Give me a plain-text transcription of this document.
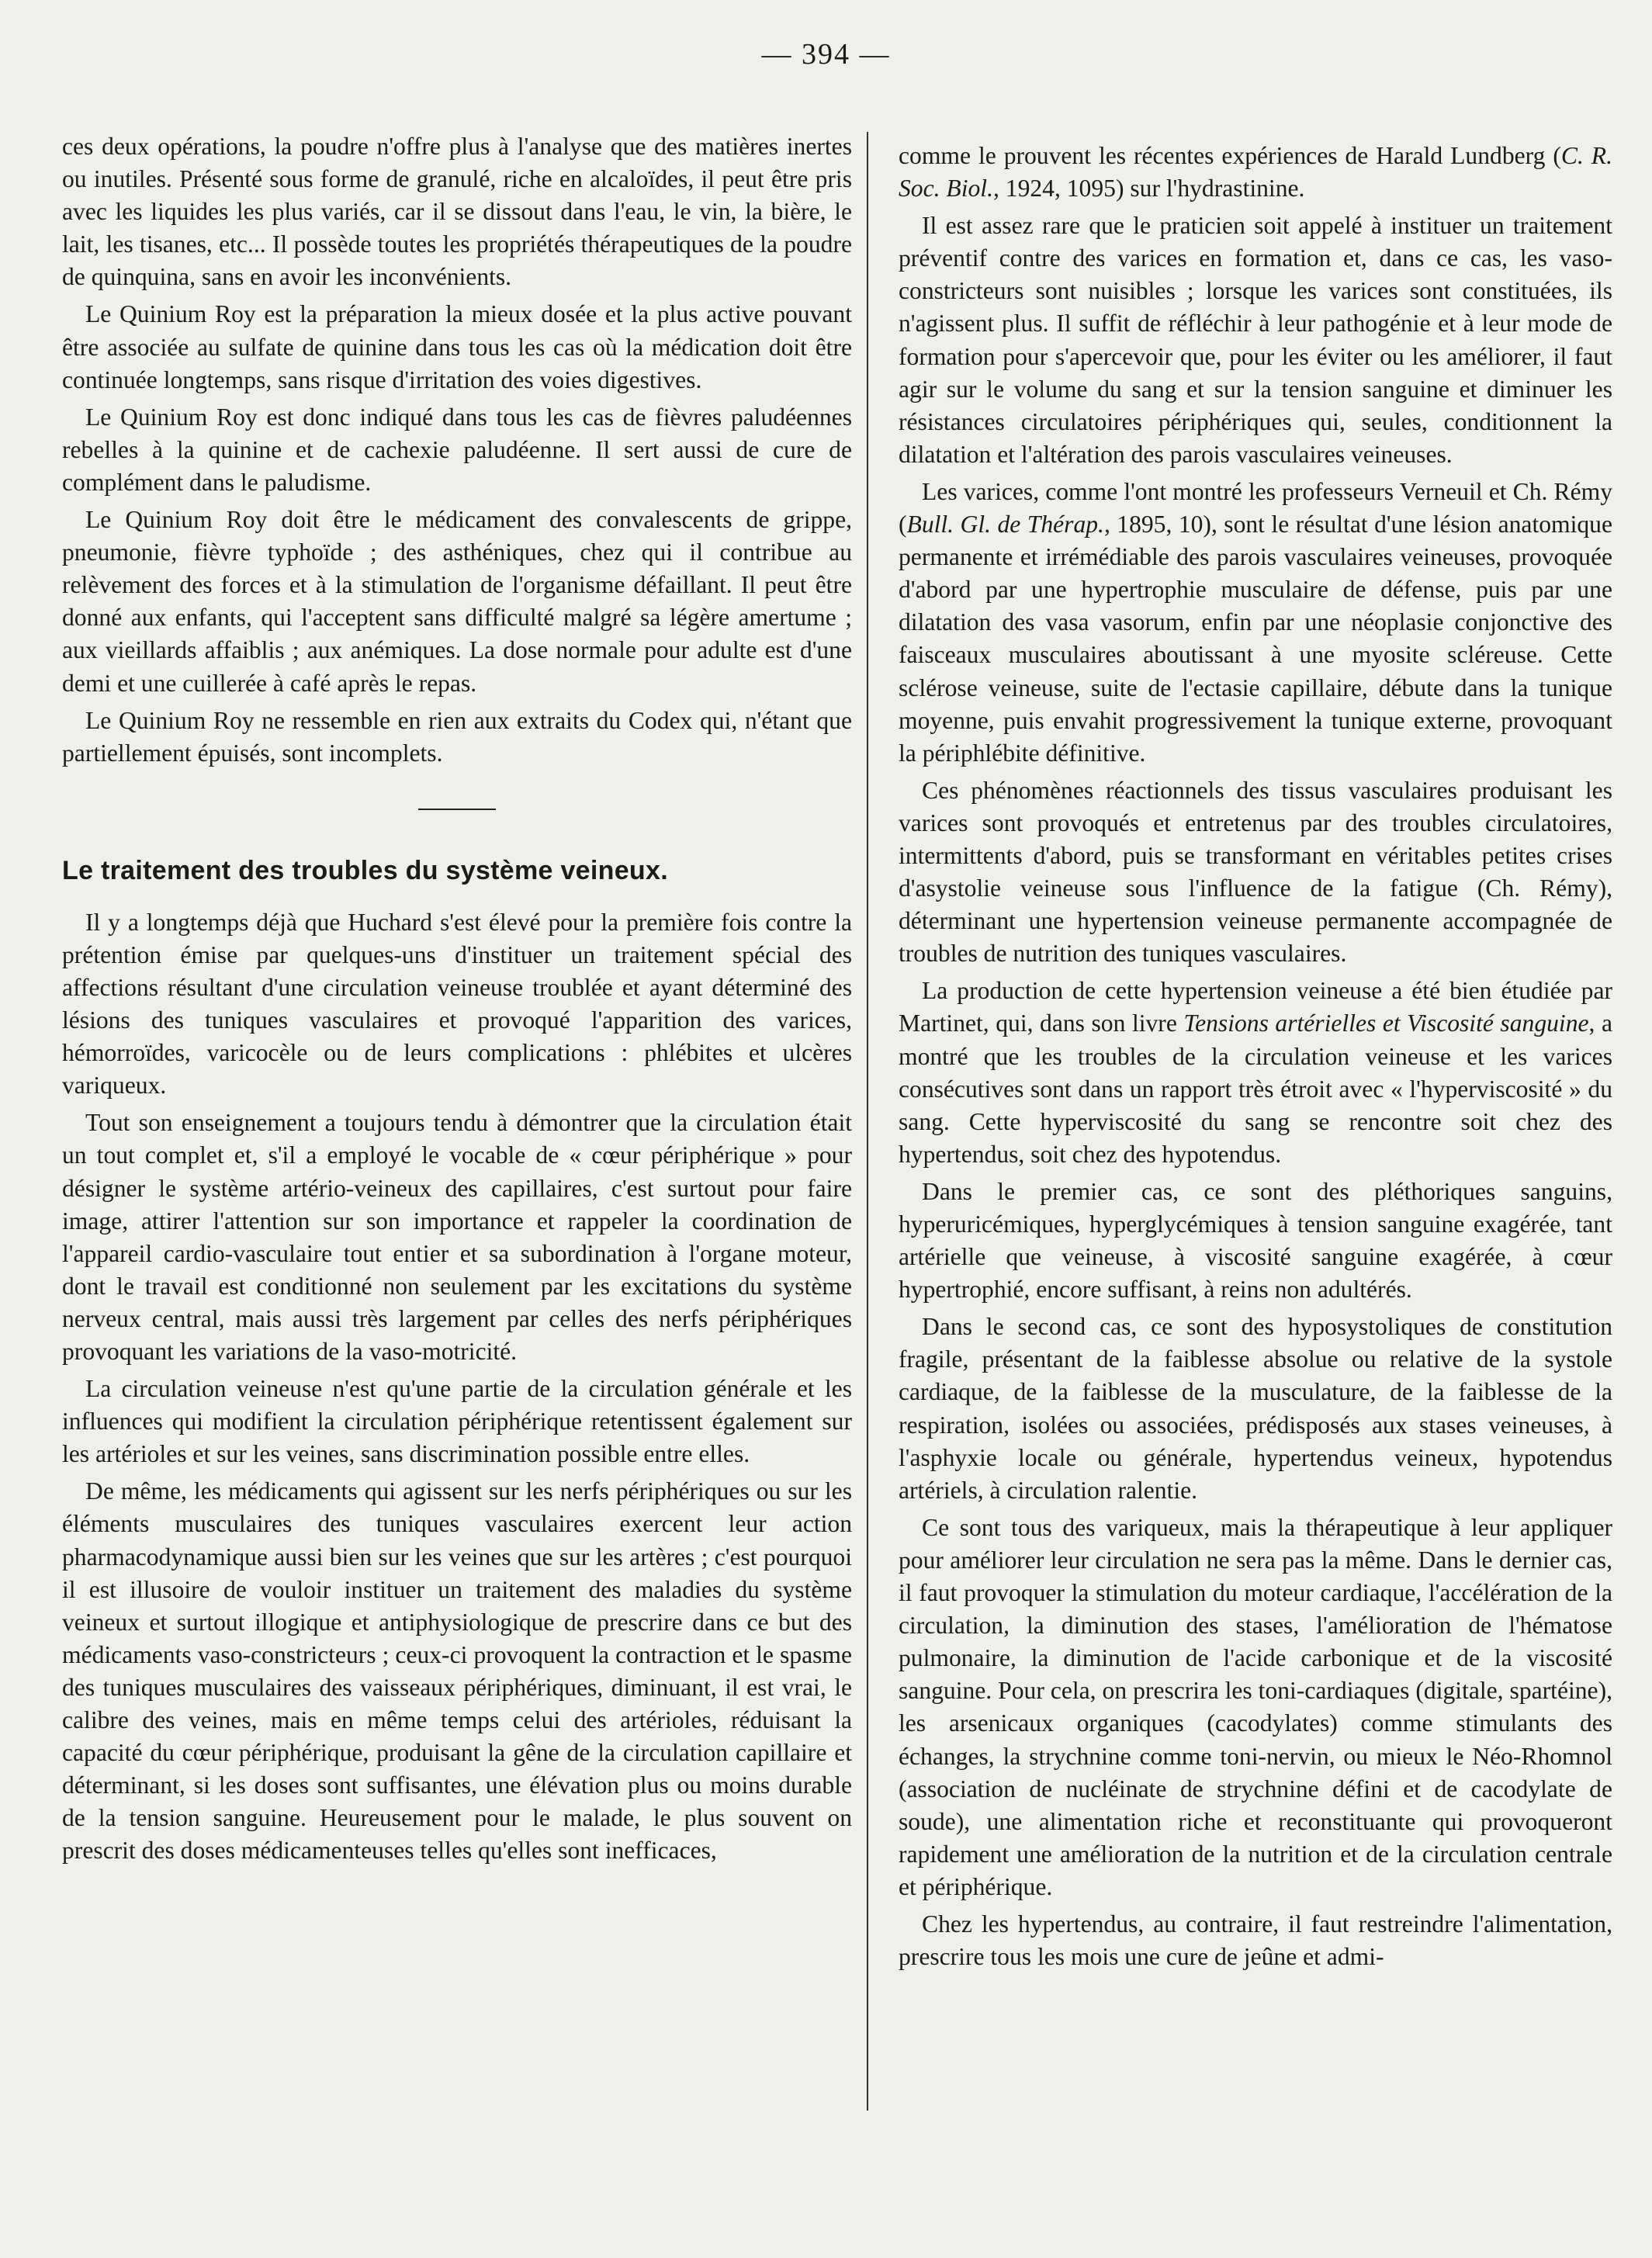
— 394 —

ces deux opérations, la poudre n'offre plus à l'analyse que des matières inertes ou inutiles. Présenté sous forme de granulé, riche en alcaloïdes, il peut être pris avec les liquides les plus variés, car il se dissout dans l'eau, le vin, la bière, le lait, les tisanes, etc... Il possède toutes les propriétés thérapeutiques de la poudre de quinquina, sans en avoir les inconvénients.

Le Quinium Roy est la préparation la mieux dosée et la plus active pouvant être associée au sulfate de quinine dans tous les cas où la médication doit être continuée longtemps, sans risque d'irritation des voies digestives.

Le Quinium Roy est donc indiqué dans tous les cas de fièvres paludéennes rebelles à la quinine et de cachexie paludéenne. Il sert aussi de cure de complément dans le paludisme.

Le Quinium Roy doit être le médicament des convalescents de grippe, pneumonie, fièvre typhoïde ; des asthéniques, chez qui il contribue au relèvement des forces et à la stimulation de l'organisme défaillant. Il peut être donné aux enfants, qui l'acceptent sans difficulté malgré sa légère amertume ; aux vieillards affaiblis ; aux anémiques. La dose normale pour adulte est d'une demi et une cuillerée à café après le repas.

Le Quinium Roy ne ressemble en rien aux extraits du Codex qui, n'étant que partiellement épuisés, sont incomplets.

Le traitement des troubles du système veineux.

Il y a longtemps déjà que Huchard s'est élevé pour la première fois contre la prétention émise par quelques-uns d'instituer un traitement spécial des affections résultant d'une circulation veineuse troublée et ayant déterminé des lésions des tuniques vasculaires et provoqué l'apparition des varices, hémorroïdes, varicocèle ou de leurs complications : phlébites et ulcères variqueux.

Tout son enseignement a toujours tendu à démontrer que la circulation était un tout complet et, s'il a employé le vocable de « cœur périphérique » pour désigner le système artério-veineux des capillaires, c'est surtout pour faire image, attirer l'attention sur son importance et rappeler la coordination de l'appareil cardio-vasculaire tout entier et sa subordination à l'organe moteur, dont le travail est conditionné non seulement par les excitations du système nerveux central, mais aussi très largement par celles des nerfs périphériques provoquant les variations de la vaso-motricité.

La circulation veineuse n'est qu'une partie de la circulation générale et les influences qui modifient la circulation périphérique retentissent également sur les artérioles et sur les veines, sans discrimination possible entre elles.

De même, les médicaments qui agissent sur les nerfs périphériques ou sur les éléments musculaires des tuniques vasculaires exercent leur action pharmacodynamique aussi bien sur les veines que sur les artères ; c'est pourquoi il est illusoire de vouloir instituer un traitement des maladies du système veineux et surtout illogique et antiphysiologique de prescrire dans ce but des médicaments vaso-constricteurs ; ceux-ci provoquent la contraction et le spasme des tuniques musculaires des vaisseaux périphériques, diminuant, il est vrai, le calibre des veines, mais en même temps celui des artérioles, réduisant la capacité du cœur périphérique, produisant la gêne de la circulation capillaire et déterminant, si les doses sont suffisantes, une élévation plus ou moins durable de la tension sanguine. Heureusement pour le malade, le plus souvent on prescrit des doses médicamenteuses telles qu'elles sont inefficaces,

comme le prouvent les récentes expériences de Harald Lundberg (C. R. Soc. Biol., 1924, 1095) sur l'hydrastinine.

Il est assez rare que le praticien soit appelé à instituer un traitement préventif contre des varices en formation et, dans ce cas, les vaso-constricteurs sont nuisibles ; lorsque les varices sont constituées, ils n'agissent plus. Il suffit de réfléchir à leur pathogénie et à leur mode de formation pour s'apercevoir que, pour les éviter ou les améliorer, il faut agir sur le volume du sang et sur la tension sanguine et diminuer les résistances circulatoires périphériques qui, seules, conditionnent la dilatation et l'altération des parois vasculaires veineuses.

Les varices, comme l'ont montré les professeurs Verneuil et Ch. Rémy (Bull. Gl. de Thérap., 1895, 10), sont le résultat d'une lésion anatomique permanente et irrémédiable des parois vasculaires veineuses, provoquée d'abord par une hypertrophie musculaire de défense, puis par une dilatation des vasa vasorum, enfin par une néoplasie conjonctive des faisceaux musculaires aboutissant à une myosite scléreuse. Cette sclérose veineuse, suite de l'ectasie capillaire, débute dans la tunique moyenne, puis envahit progressivement la tunique externe, provoquant la périphlébite définitive.

Ces phénomènes réactionnels des tissus vasculaires produisant les varices sont provoqués et entretenus par des troubles circulatoires, intermittents d'abord, puis se transformant en véritables petites crises d'asystolie veineuse sous l'influence de la fatigue (Ch. Rémy), déterminant une hypertension veineuse permanente accompagnée de troubles de nutrition des tuniques vasculaires.

La production de cette hypertension veineuse a été bien étudiée par Martinet, qui, dans son livre Tensions artérielles et Viscosité sanguine, a montré que les troubles de la circulation veineuse et les varices consécutives sont dans un rapport très étroit avec « l'hyperviscosité » du sang. Cette hyperviscosité du sang se rencontre soit chez des hypertendus, soit chez des hypotendus.

Dans le premier cas, ce sont des pléthoriques sanguins, hyperuricémiques, hyperglycémiques à tension sanguine exagérée, tant artérielle que veineuse, à viscosité sanguine exagérée, à cœur hypertrophié, encore suffisant, à reins non adultérés.

Dans le second cas, ce sont des hyposystoliques de constitution fragile, présentant de la faiblesse absolue ou relative de la systole cardiaque, de la faiblesse de la musculature, de la faiblesse de la respiration, isolées ou associées, prédisposés aux stases veineuses, à l'asphyxie locale ou générale, hypertendus veineux, hypotendus artériels, à circulation ralentie.

Ce sont tous des variqueux, mais la thérapeutique à leur appliquer pour améliorer leur circulation ne sera pas la même. Dans le dernier cas, il faut provoquer la stimulation du moteur cardiaque, l'accélération de la circulation, la diminution des stases, l'amélioration de l'hématose pulmonaire, la diminution de l'acide carbonique et de la viscosité sanguine. Pour cela, on prescrira les toni-cardiaques (digitale, spartéine), les arsenicaux organiques (cacodylates) comme stimulants des échanges, la strychnine comme toni-nervin, ou mieux le Néo-Rhomnol (association de nucléinate de strychnine défini et de cacodylate de soude), une alimentation riche et reconstituante qui provoqueront rapidement une amélioration de la nutrition et de la circulation centrale et périphérique.

Chez les hypertendus, au contraire, il faut restreindre l'alimentation, prescrire tous les mois une cure de jeûne et admi-
